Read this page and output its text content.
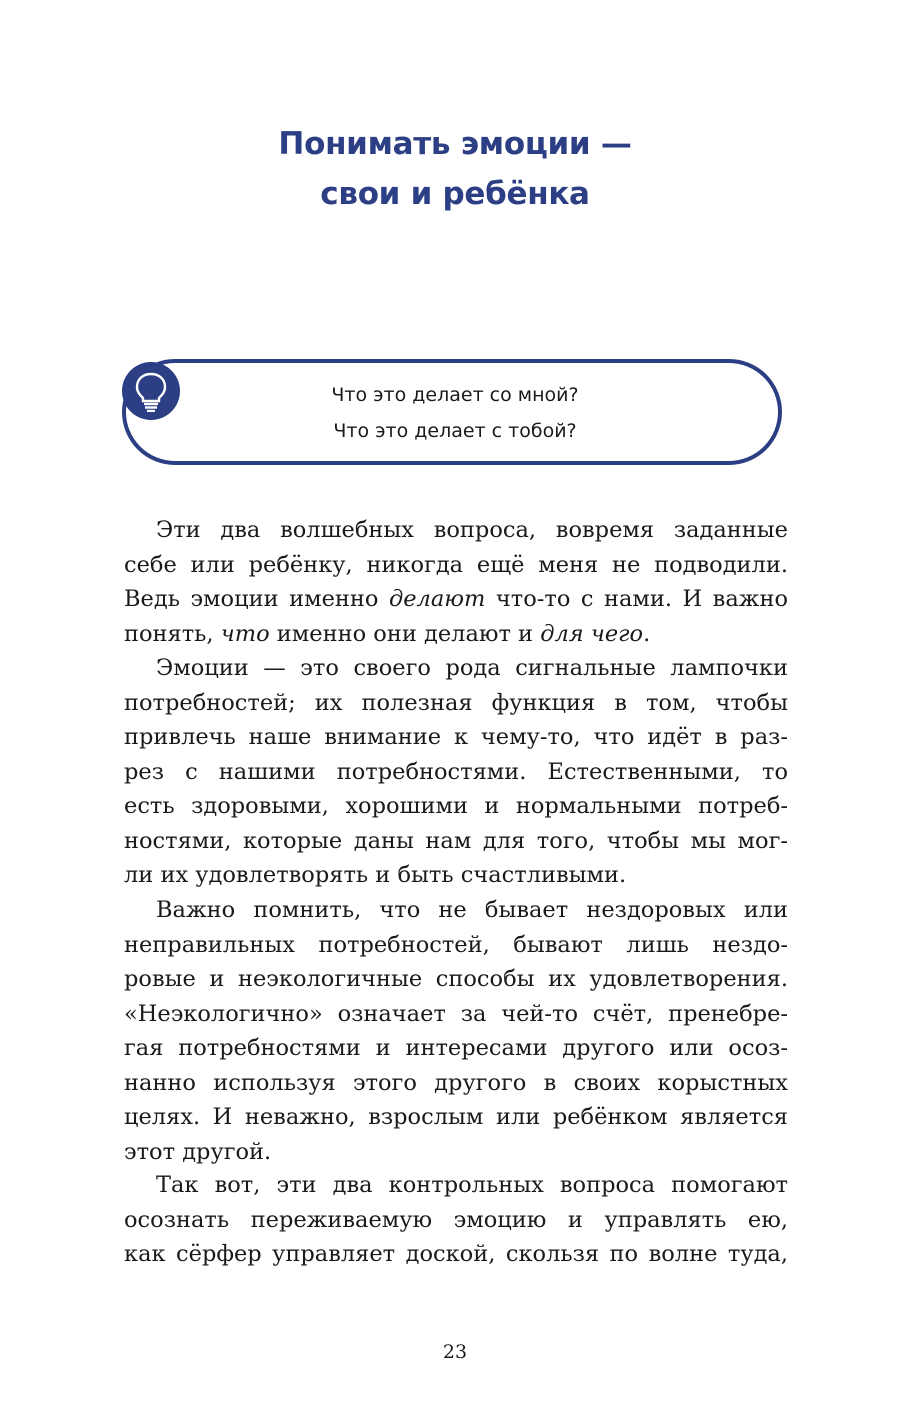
Понимать эмоции —
свои и ребёнка
Что это делает со мной?
Что это делает с тобой?
Эти два волшебных вопроса, вовремя заданные
себе или ребёнку, никогда ещё меня не подводили.
Ведь эмоции именно делают что-то с нами. И важно
понять, что именно они делают и для чего.
Эмоции — это своего рода сигнальные лампочки
потребностей; их полезная функция в том, чтобы
привлечь наше внимание к чему-то, что идёт в раз-
рез с нашими потребностями. Естественными, то
есть здоровыми, хорошими и нормальными потреб-
ностями, которые даны нам для того, чтобы мы мог-
ли их удовлетворять и быть счастливыми.
Важно помнить, что не бывает нездоровых или
неправильных потребностей, бывают лишь нездо-
ровые и неэкологичные способы их удовлетворения.
«Неэкологично» означает за чей-то счёт, пренебре-
гая потребностями и интересами другого или осоз-
нанно используя этого другого в своих корыстных
целях. И неважно, взрослым или ребёнком является
этот другой.
Так вот, эти два контрольных вопроса помогают
осознать переживаемую эмоцию и управлять ею,
как сёрфер управляет доской, скользя по волне туда,
23
